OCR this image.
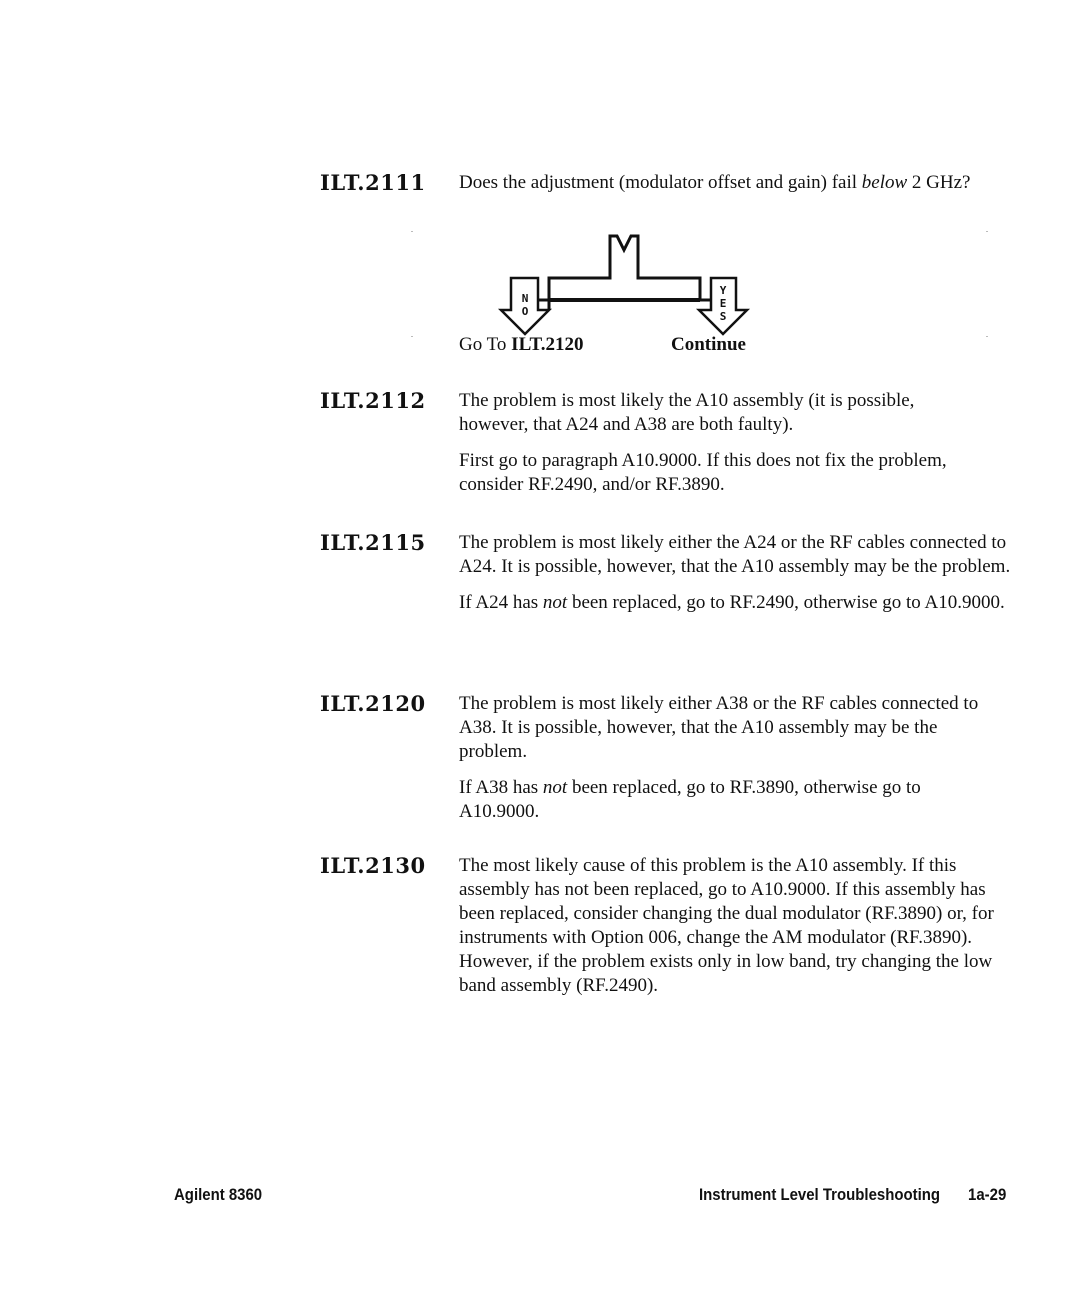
ILT.2111 Does the adjustment (modulator offset and gain) fail below 2 GHz?

N
O
Y
E
S
Go To ILT.2120	Continue
ILT.2112 The problem is most likely the A10 assembly (it is possible, however, that A24 and A38 are both faulty).

First go to paragraph A10.9000. If this does not fix the problem, consider RF.2490, and/or RF.3890.

ILT.2115 The problem is most likely either the A24 or the RF cables connected to A24. It is possible, however, that the A10 assembly may be the problem.

If A24 has not been replaced, go to RF.2490, otherwise go to A10.9000.

ILT.2120 The problem is most likely either A38 or the RF cables connected to A38. It is possible, however, that the A10 assembly may be the problem.

If A38 has not been replaced, go to RF.3890, otherwise go to A10.9000.

ILT.2130 The most likely cause of this problem is the A10 assembly. If this assembly has not been replaced, go to A10.9000. If this assembly has been replaced, consider changing the dual modulator (RF.3890) or, for instruments with Option 006, change the AM modulator (RF.3890). However, if the problem exists only in low band, try changing the low band assembly (RF.2490).

Agilent 8360	Instrument Level Troubleshooting 1a-29
